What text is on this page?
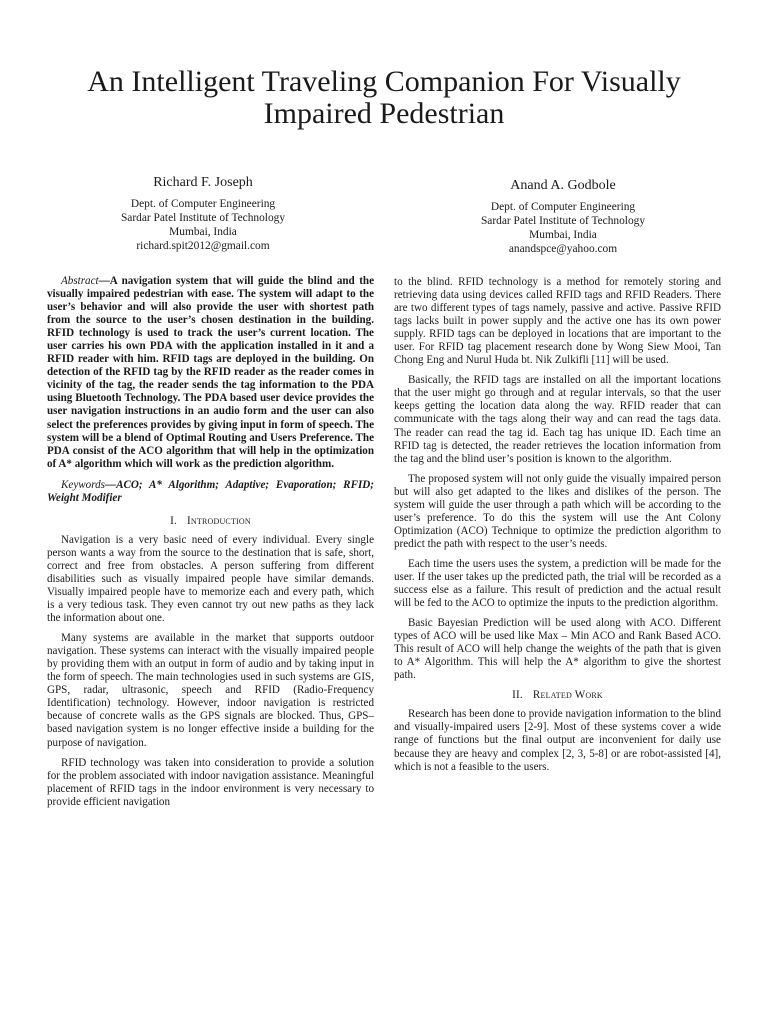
An Intelligent Traveling Companion For Visually Impaired Pedestrian
Richard F. Joseph
Dept. of Computer Engineering
Sardar Patel Institute of Technology
Mumbai, India
richard.spit2012@gmail.com
Anand A. Godbole
Dept. of Computer Engineering
Sardar Patel Institute of Technology
Mumbai, India
anandspce@yahoo.com

Abstract—A navigation system that will guide the blind and the visually impaired pedestrian with ease. The system will adapt to the user’s behavior and will also provide the user with shortest path from the source to the user’s chosen destination in the building. RFID technology is used to track the user’s current location. The user carries his own PDA with the application installed in it and a RFID reader with him. RFID tags are deployed in the building. On detection of the RFID tag by the RFID reader as the reader comes in vicinity of the tag, the reader sends the tag information to the PDA using Bluetooth Technology. The PDA based user device provides the user navigation instructions in an audio form and the user can also select the preferences provides by giving input in form of speech. The system will be a blend of Optimal Routing and Users Preference. The PDA consist of the ACO algorithm that will help in the optimization of A* algorithm which will work as the prediction algorithm.

Keywords—ACO; A* Algorithm; Adaptive; Evaporation; RFID; Weight Modifier

I. Introduction

Navigation is a very basic need of every individual. Every single person wants a way from the source to the destination that is safe, short, correct and free from obstacles. A person suffering from different disabilities such as visually impaired people have similar demands. Visually impaired people have to memorize each and every path, which is a very tedious task. They even cannot try out new paths as they lack the information about one.

Many systems are available in the market that supports outdoor navigation. These systems can interact with the visually impaired people by providing them with an output in form of audio and by taking input in the form of speech. The main technologies used in such systems are GIS, GPS, radar, ultrasonic, speech and RFID (Radio-Frequency Identification) technology. However, indoor navigation is restricted because of concrete walls as the GPS signals are blocked. Thus, GPS–based navigation system is no longer effective inside a building for the purpose of navigation.

RFID technology was taken into consideration to provide a solution for the problem associated with indoor navigation assistance. Meaningful placement of RFID tags in the indoor environment is very necessary to provide efficient navigation

to the blind. RFID technology is a method for remotely storing and retrieving data using devices called RFID tags and RFID Readers. There are two different types of tags namely, passive and active. Passive RFID tags lacks built in power supply and the active one has its own power supply. RFID tags can be deployed in locations that are important to the user. For RFID tag placement research done by Wong Siew Mooi, Tan Chong Eng and Nurul Huda bt. Nik Zulkifli [11] will be used.

Basically, the RFID tags are installed on all the important locations that the user might go through and at regular intervals, so that the user keeps getting the location data along the way. RFID reader that can communicate with the tags along their way and can read the tags data. The reader can read the tag id. Each tag has unique ID. Each time an RFID tag is detected, the reader retrieves the location information from the tag and the blind user’s position is known to the algorithm.

The proposed system will not only guide the visually impaired person but will also get adapted to the likes and dislikes of the person. The system will guide the user through a path which will be according to the user’s preference. To do this the system will use the Ant Colony Optimization (ACO) Technique to optimize the prediction algorithm to predict the path with respect to the user’s needs.

Each time the users uses the system, a prediction will be made for the user. If the user takes up the predicted path, the trial will be recorded as a success else as a failure. This result of prediction and the actual result will be fed to the ACO to optimize the inputs to the prediction algorithm.

Basic Bayesian Prediction will be used along with ACO. Different types of ACO will be used like Max – Min ACO and Rank Based ACO. This result of ACO will help change the weights of the path that is given to A* Algorithm. This will help the A* algorithm to give the shortest path.

II. Related Work

Research has been done to provide navigation information to the blind and visually-impaired users [2-9]. Most of these systems cover a wide range of functions but the final output are inconvenient for daily use because they are heavy and complex [2, 3, 5-8] or are robot-assisted [4], which is not a feasible to the users.
